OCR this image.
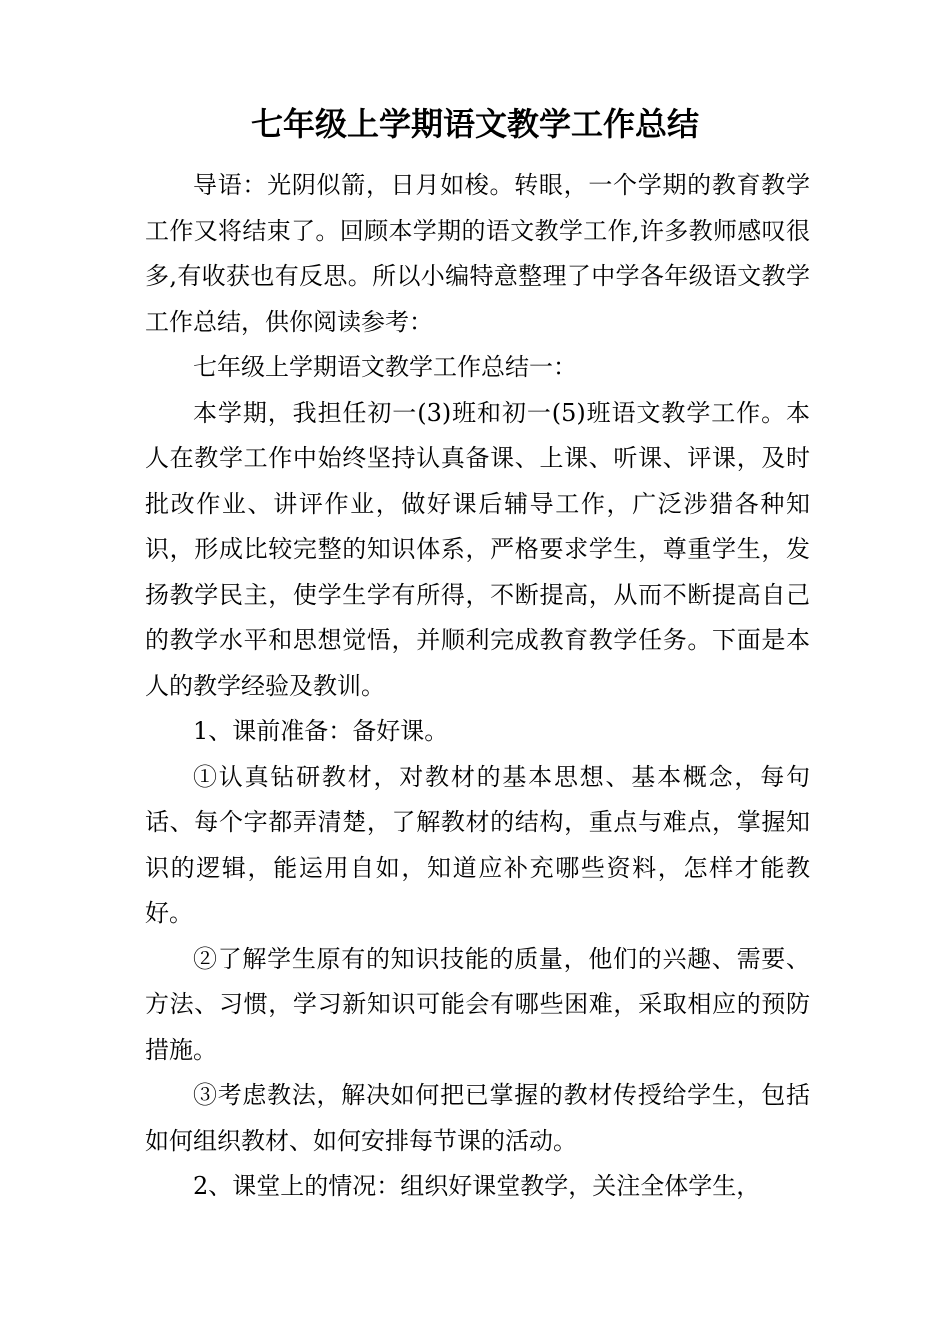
七年级上学期语文教学工作总结

导语：光阴似箭，日月如梭。转眼，一个学期的教育教学工作又将结束了。回顾本学期的语文教学工作,许多教师感叹很多,有收获也有反思。所以小编特意整理了中学各年级语文教学工作总结，供你阅读参考：

七年级上学期语文教学工作总结一：

本学期，我担任初一(3)班和初一(5)班语文教学工作。本人在教学工作中始终坚持认真备课、上课、听课、评课，及时批改作业、讲评作业，做好课后辅导工作，广泛涉猎各种知识，形成比较完整的知识体系，严格要求学生，尊重学生，发扬教学民主，使学生学有所得，不断提高，从而不断提高自己的教学水平和思想觉悟，并顺利完成教育教学任务。下面是本人的教学经验及教训。

1、课前准备：备好课。

①认真钻研教材，对教材的基本思想、基本概念，每句话、每个字都弄清楚，了解教材的结构，重点与难点，掌握知识的逻辑，能运用自如，知道应补充哪些资料，怎样才能教好。

②了解学生原有的知识技能的质量，他们的兴趣、需要、方法、习惯，学习新知识可能会有哪些困难，采取相应的预防措施。

③考虑教法，解决如何把已掌握的教材传授给学生，包括如何组织教材、如何安排每节课的活动。

2、课堂上的情况：组织好课堂教学，关注全体学生，
